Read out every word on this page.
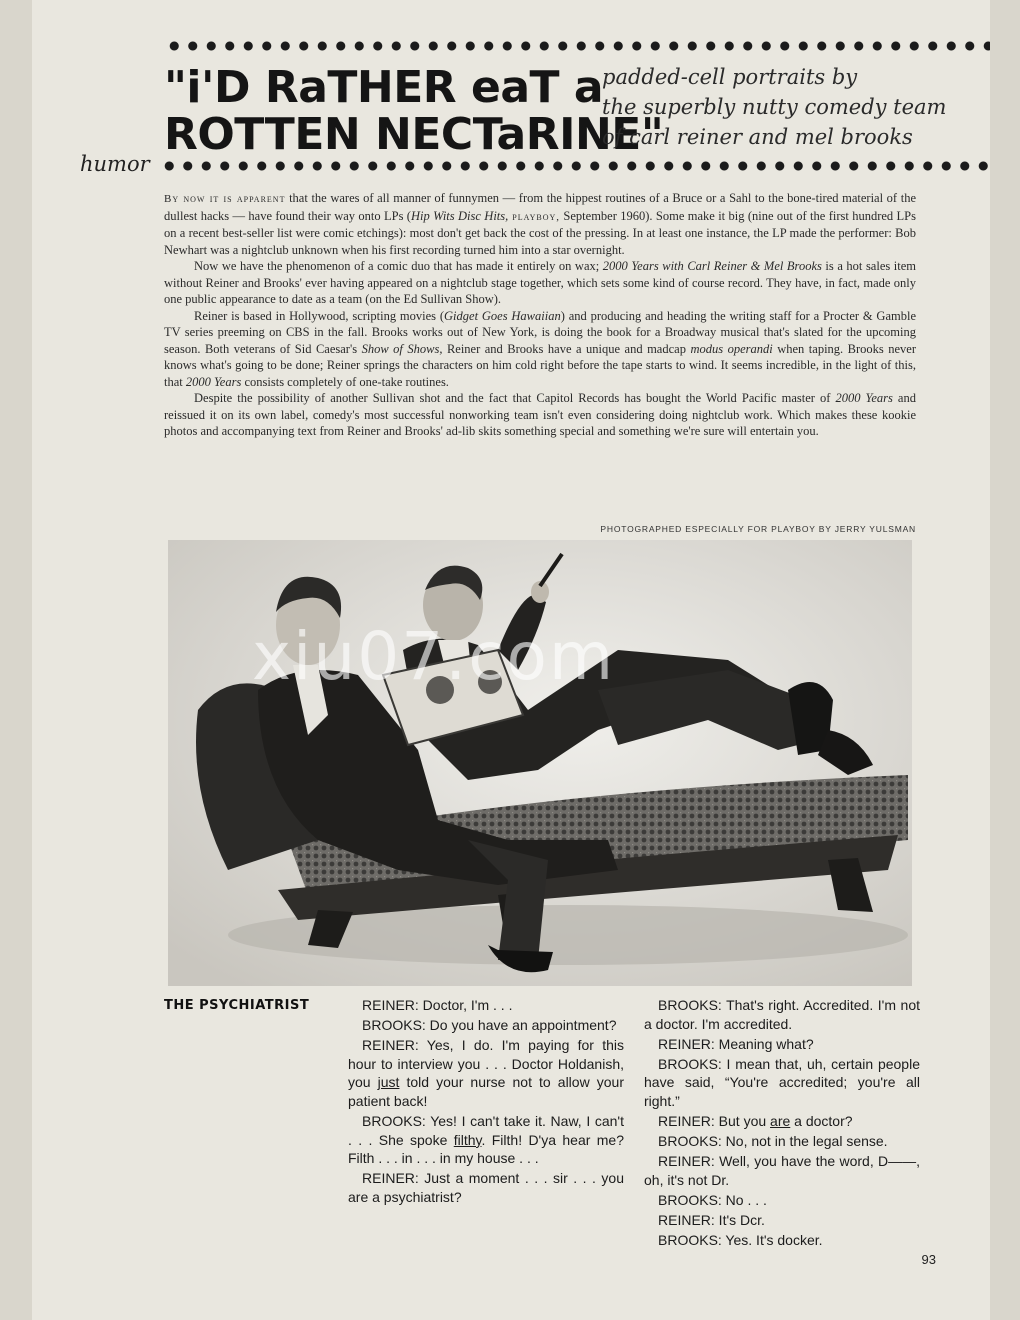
"i'D RaTHER eaT a
ROTTEN NECTaRINE"
padded-cell portraits by
the superbly nutty comedy team
of carl reiner and mel brooks
humor

By now it is apparent that the wares of all manner of funnymen — from the hippest routines of a Bruce or a Sahl to the bone-tired material of the dullest hacks — have found their way onto LPs (Hip Wits Disc Hits, playboy, September 1960). Some make it big (nine out of the first hundred LPs on a recent best-seller list were comic etchings): most don't get back the cost of the pressing. In at least one instance, the LP made the performer: Bob Newhart was a nightclub unknown when his first recording turned him into a star overnight.

Now we have the phenomenon of a comic duo that has made it entirely on wax; 2000 Years with Carl Reiner & Mel Brooks is a hot sales item without Reiner and Brooks' ever having appeared on a nightclub stage together, which sets some kind of course record. They have, in fact, made only one public appearance to date as a team (on the Ed Sullivan Show).

Reiner is based in Hollywood, scripting movies (Gidget Goes Hawaiian) and producing and heading the writing staff for a Procter & Gamble TV series preeming on CBS in the fall. Brooks works out of New York, is doing the book for a Broadway musical that's slated for the upcoming season. Both veterans of Sid Caesar's Show of Shows, Reiner and Brooks have a unique and madcap modus operandi when taping. Brooks never knows what's going to be done; Reiner springs the characters on him cold right before the tape starts to wind. It seems incredible, in the light of this, that 2000 Years consists completely of one-take routines.

Despite the possibility of another Sullivan shot and the fact that Capitol Records has bought the World Pacific master of 2000 Years and reissued it on its own label, comedy's most successful nonworking team isn't even considering doing nightclub work. Which makes these kookie photos and accompanying text from Reiner and Brooks' ad-lib skits something special and something we're sure will entertain you.

PHOTOGRAPHED ESPECIALLY FOR PLAYBOY BY JERRY YULSMAN
THE PSYCHIATRIST	REINER: Doctor, I'm . . .

BROOKS: Do you have an appointment?

REINER: Yes, I do. I'm paying for this hour to interview you . . . Doctor Holdanish, you just told your nurse not to allow your patient back!

BROOKS: Yes! I can't take it. Naw, I can't . . . She spoke filthy. Filth! D'ya hear me? Filth . . . in . . . in my house . . .

REINER: Just a moment . . . sir . . . you are a psychiatrist?

BROOKS: That's right. Accredited. I'm not a doctor. I'm accredited.

REINER: Meaning what?

BROOKS: I mean that, uh, certain people have said, “You're accredited; you're all right.”

REINER: But you are a doctor?

BROOKS: No, not in the legal sense.

REINER: Well, you have the word, D——, oh, it's not Dr.

BROOKS: No . . .

REINER: It's Dcr.

BROOKS: Yes. It's docker.

93
xiu07.com
